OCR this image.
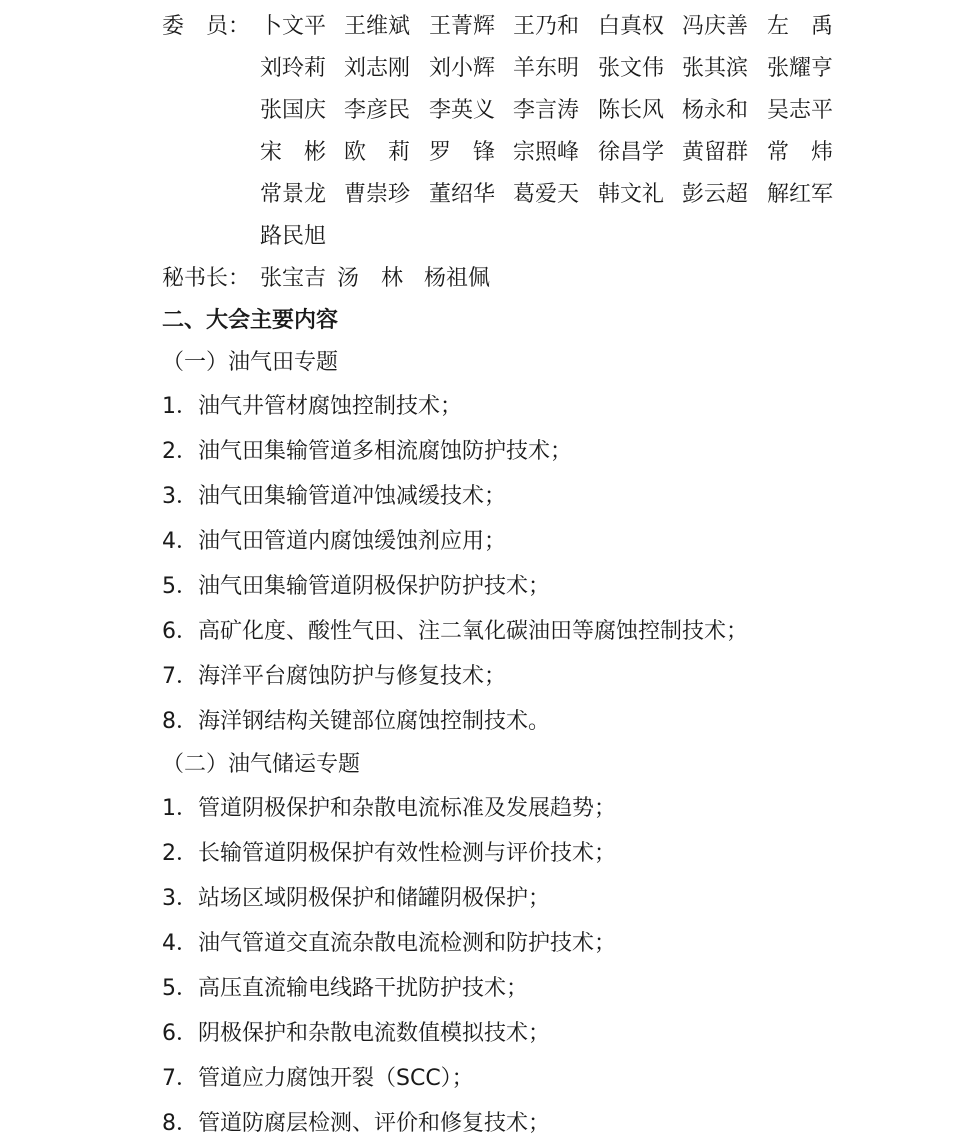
委　员： 卜文平 王维斌 王菁辉 王乃和 白真权 冯庆善 左　禹
刘玲莉 刘志刚 刘小辉 羊东明 张文伟 张其滨 张耀亨
张国庆 李彦民 李英义 李言涛 陈长风 杨永和 吴志平
宋　彬 欧　莉 罗　锋 宗照峰 徐昌学 黄留群 常　炜
常景龙 曹崇珍 董绍华 葛爱天 韩文礼 彭云超 解红军
路民旭
秘书长： 张宝吉 汤　林 杨祖佩
二、大会主要内容
（一）油气田专题
1．油气井管材腐蚀控制技术；
2．油气田集输管道多相流腐蚀防护技术；
3．油气田集输管道冲蚀减缓技术；
4．油气田管道内腐蚀缓蚀剂应用；
5．油气田集输管道阴极保护防护技术；
6．高矿化度、酸性气田、注二氧化碳油田等腐蚀控制技术；
7．海洋平台腐蚀防护与修复技术；
8．海洋钢结构关键部位腐蚀控制技术。
（二）油气储运专题
1．管道阴极保护和杂散电流标准及发展趋势；
2．长输管道阴极保护有效性检测与评价技术；
3．站场区域阴极保护和储罐阴极保护；
4．油气管道交直流杂散电流检测和防护技术；
5．高压直流输电线路干扰防护技术；
6．阴极保护和杂散电流数值模拟技术；
7．管道应力腐蚀开裂（SCC）；
8．管道防腐层检测、评价和修复技术；
